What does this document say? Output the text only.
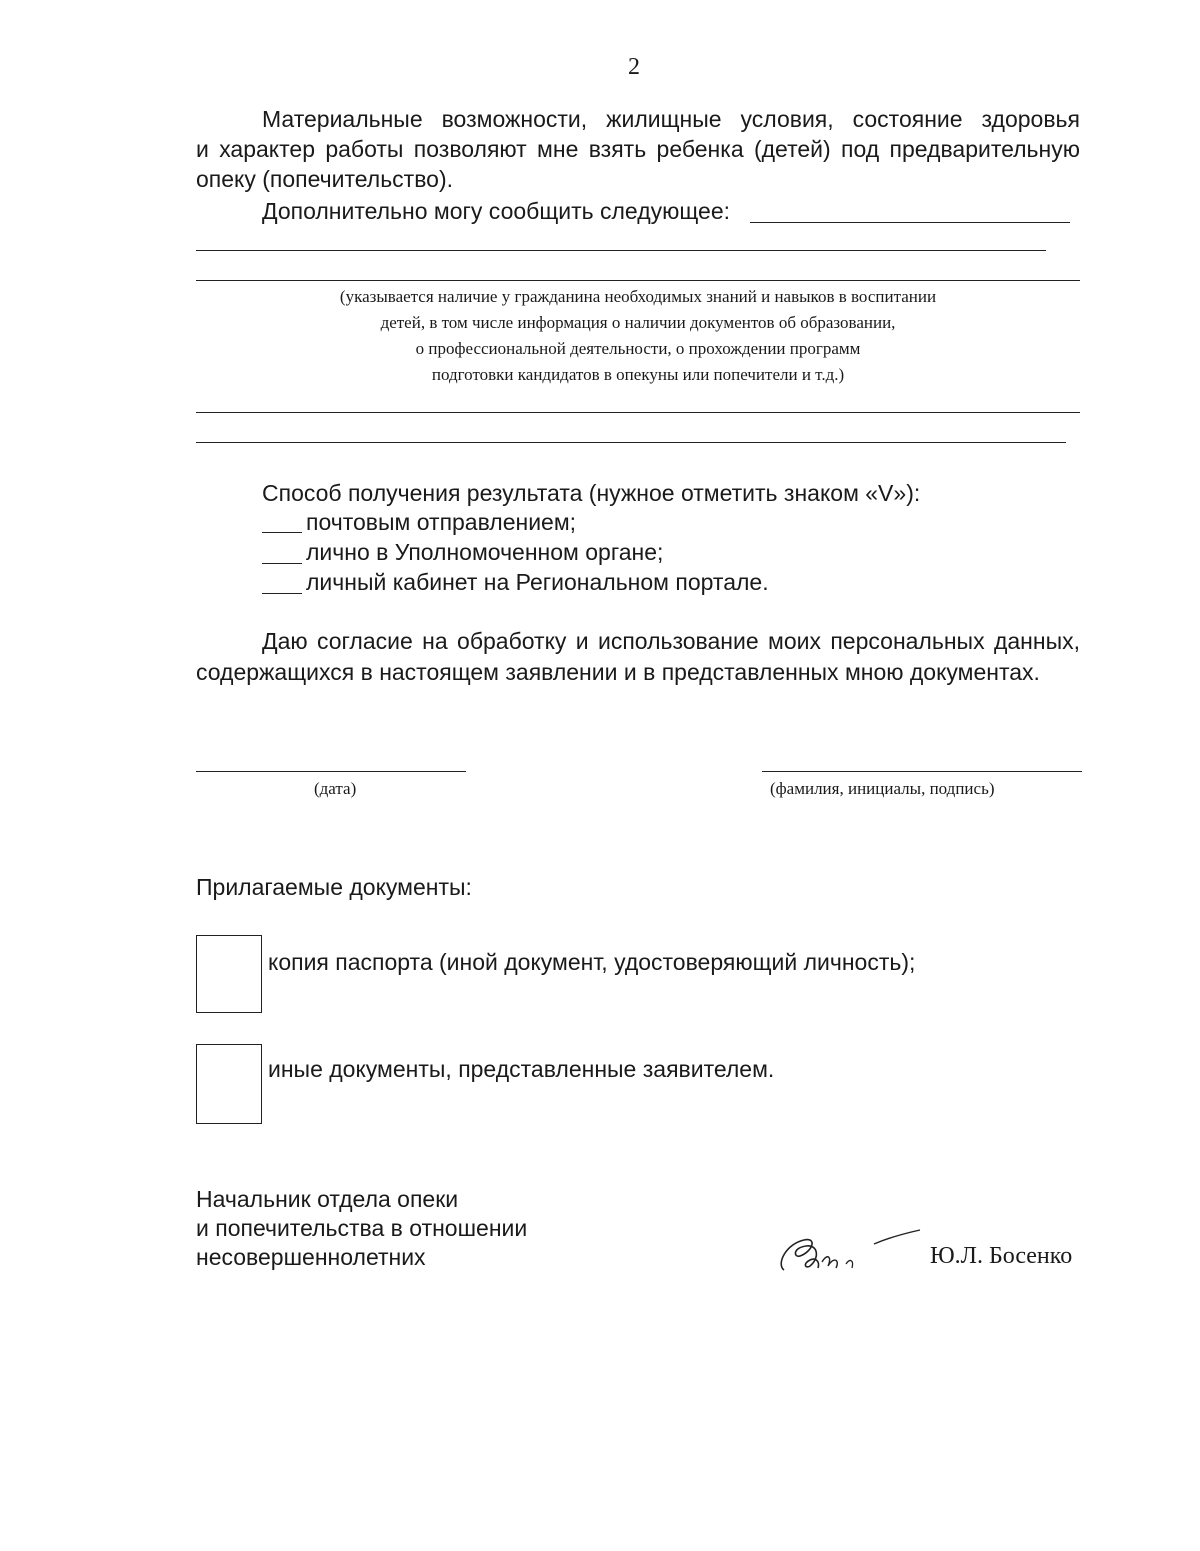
2
Материальные возможности, жилищные условия, состояние здоровья
и характер работы позволяют мне взять ребенка (детей) под предварительную
опеку (попечительство).
Дополнительно могу сообщить следующее:
(указывается наличие у гражданина необходимых знаний и навыков в воспитании
детей, в том числе информация о наличии документов об образовании,
о профессиональной деятельности, о прохождении программ
подготовки кандидатов в опекуны или попечители и т.д.)
Способ получения результата (нужное отметить знаком «V»):
почтовым отправлением;
лично в Уполномоченном органе;
личный кабинет на Региональном портале.
Даю согласие на обработку и использование моих персональных данных,
содержащихся в настоящем заявлении и в представленных мною документах.
(дата)	(фамилия, инициалы, подпись)
Прилагаемые документы:
копия паспорта (иной документ, удостоверяющий личность);
иные документы, представленные заявителем.
Начальник отдела опеки
и попечительства в отношении
несовершеннолетних	Ю.Л. Босенко
